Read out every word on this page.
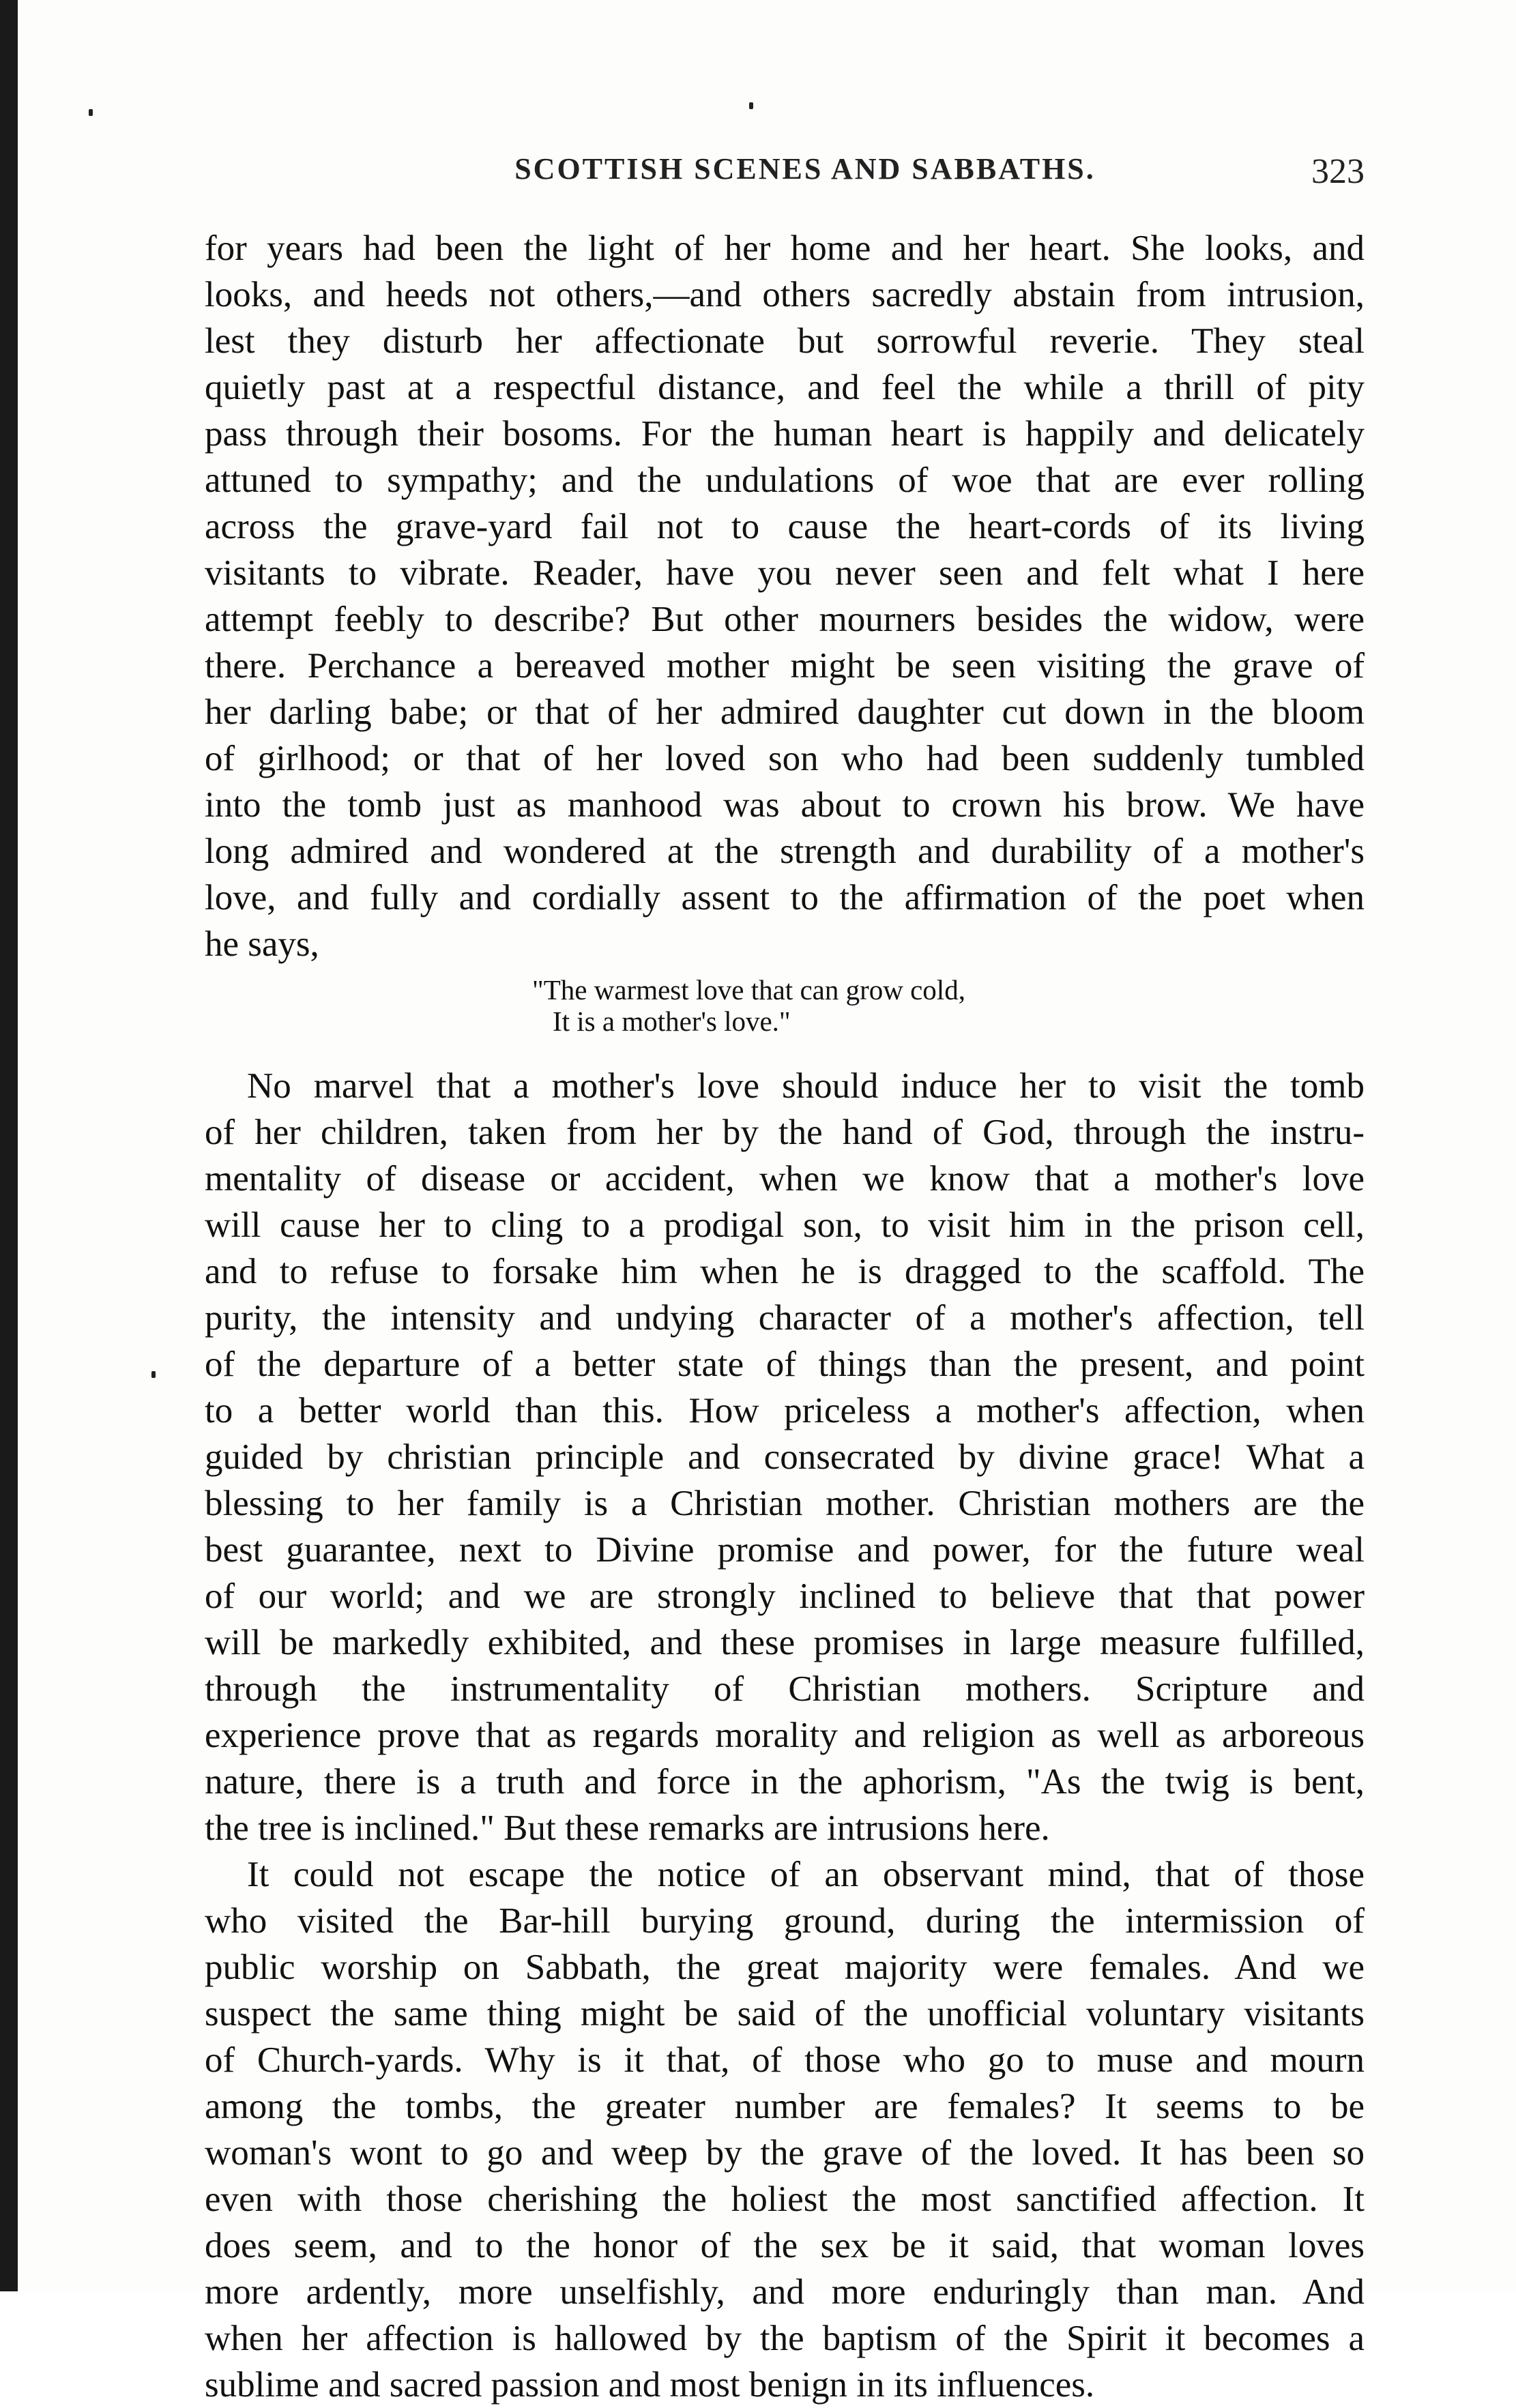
SCOTTISH SCENES AND SABBATHS.	323
for years had been the light of her home and her heart. She looks, and
looks, and heeds not others,—and others sacredly abstain from intrusion,
lest they disturb her affectionate but sorrowful reverie. They steal
quietly past at a respectful distance, and feel the while a thrill of pity
pass through their bosoms. For the human heart is happily and delicately
attuned to sympathy; and the undulations of woe that are ever rolling
across the grave-yard fail not to cause the heart-cords of its living
visitants to vibrate. Reader, have you never seen and felt what I here
attempt feebly to describe? But other mourners besides the widow, were
there. Perchance a bereaved mother might be seen visiting the grave of
her darling babe; or that of her admired daughter cut down in the bloom
of girlhood; or that of her loved son who had been suddenly tumbled
into the tomb just as manhood was about to crown his brow. We have
long admired and wondered at the strength and durability of a mother's
love, and fully and cordially assent to the affirmation of the poet when
he says,
"The warmest love that can grow cold,
It is a mother's love."
No marvel that a mother's love should induce her to visit the tomb
of her children, taken from her by the hand of God, through the instru-
mentality of disease or accident, when we know that a mother's love
will cause her to cling to a prodigal son, to visit him in the prison cell,
and to refuse to forsake him when he is dragged to the scaffold. The
purity, the intensity and undying character of a mother's affection, tell
of the departure of a better state of things than the present, and point
to a better world than this. How priceless a mother's affection, when
guided by christian principle and consecrated by divine grace! What a
blessing to her family is a Christian mother. Christian mothers are the
best guarantee, next to Divine promise and power, for the future weal
of our world; and we are strongly inclined to believe that that power
will be markedly exhibited, and these promises in large measure fulfilled,
through the instrumentality of Christian mothers. Scripture and
experience prove that as regards morality and religion as well as arboreous
nature, there is a truth and force in the aphorism, "As the twig is bent,
the tree is inclined." But these remarks are intrusions here.
It could not escape the notice of an observant mind, that of those
who visited the Bar-hill burying ground, during the intermission of
public worship on Sabbath, the great majority were females. And we
suspect the same thing might be said of the unofficial voluntary visitants
of Church-yards. Why is it that, of those who go to muse and mourn
among the tombs, the greater number are females? It seems to be
woman's wont to go and weep by the grave of the loved. It has been so
even with those cherishing the holiest the most sanctified affection. It
does seem, and to the honor of the sex be it said, that woman loves
more ardently, more unselfishly, and more enduringly than man. And
when her affection is hallowed by the baptism of the Spirit it becomes a
sublime and sacred passion and most benign in its influences.
